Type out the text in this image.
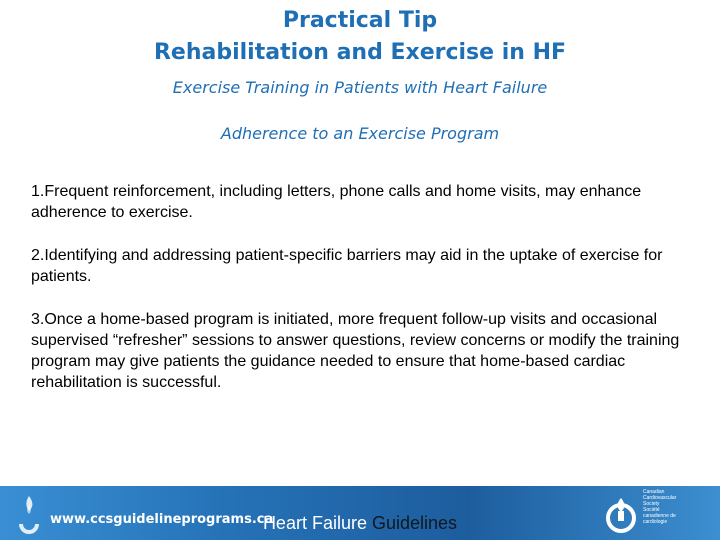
Practical Tip
Rehabilitation and Exercise in HF
Exercise Training in Patients with Heart Failure
Adherence to an Exercise Program
1.Frequent reinforcement, including letters, phone calls and home visits, may enhance adherence to exercise.
2.Identifying and addressing patient-specific barriers may aid in the uptake of exercise for patients.
3.Once a home-based program is initiated, more frequent follow-up visits and occasional supervised “refresher” sessions to answer questions, review concerns or modify the training program may give patients the guidance needed to ensure that home-based cardiac rehabilitation is successful.
www.ccsguidelineprograms.ca
Heart Failure Guidelines
Canadian
Cardiovascular
Society
Société
canadienne de
cardiologie
